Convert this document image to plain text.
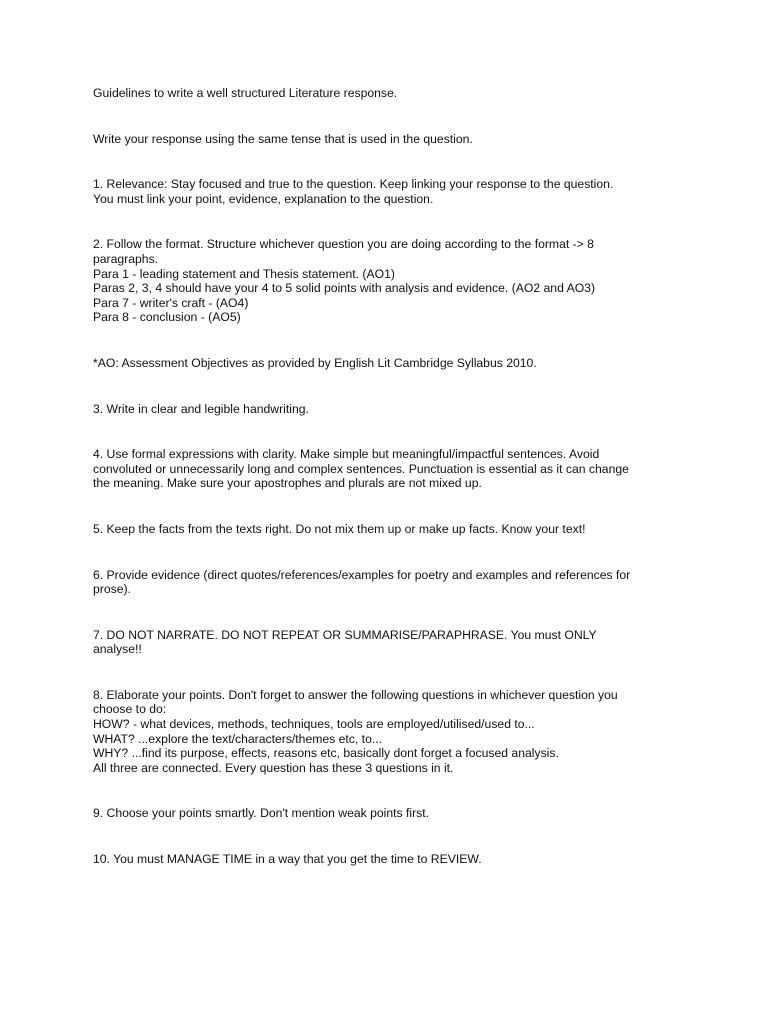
Guidelines to write a well structured Literature response.
Write your response using the same tense that is used in the question.
1. Relevance: Stay focused and true to the question. Keep linking your response to the question.
You must link your point, evidence, explanation to the question.
2. Follow the format. Structure whichever question you are doing according to the format -> 8
paragraphs.
Para 1 - leading statement and Thesis statement. (AO1)
Paras 2, 3, 4 should have your 4 to 5 solid points with analysis and evidence. (AO2 and AO3)
Para 7 - writer's craft - (AO4)
Para 8 - conclusion - (AO5)
*AO: Assessment Objectives as provided by English Lit Cambridge Syllabus 2010.
3. Write in clear and legible handwriting.
4. Use formal expressions with clarity. Make simple but meaningful/impactful sentences. Avoid
convoluted or unnecessarily long and complex sentences. Punctuation is essential as it can change
the meaning. Make sure your apostrophes and plurals are not mixed up.
5. Keep the facts from the texts right. Do not mix them up or make up facts. Know your text!
6. Provide evidence (direct quotes/references/examples for poetry and examples and references for
prose).
7. DO NOT NARRATE. DO NOT REPEAT OR SUMMARISE/PARAPHRASE. You must ONLY
analyse!!
8. Elaborate your points. Don't forget to answer the following questions in whichever question you
choose to do:
HOW? - what devices, methods, techniques, tools are employed/utilised/used to...
WHAT? ...explore the text/characters/themes etc, to...
WHY? ...find its purpose, effects, reasons etc, basically dont forget a focused analysis.
All three are connected. Every question has these 3 questions in it.
9. Choose your points smartly. Don't mention weak points first.
10. You must MANAGE TIME in a way that you get the time to REVIEW.
